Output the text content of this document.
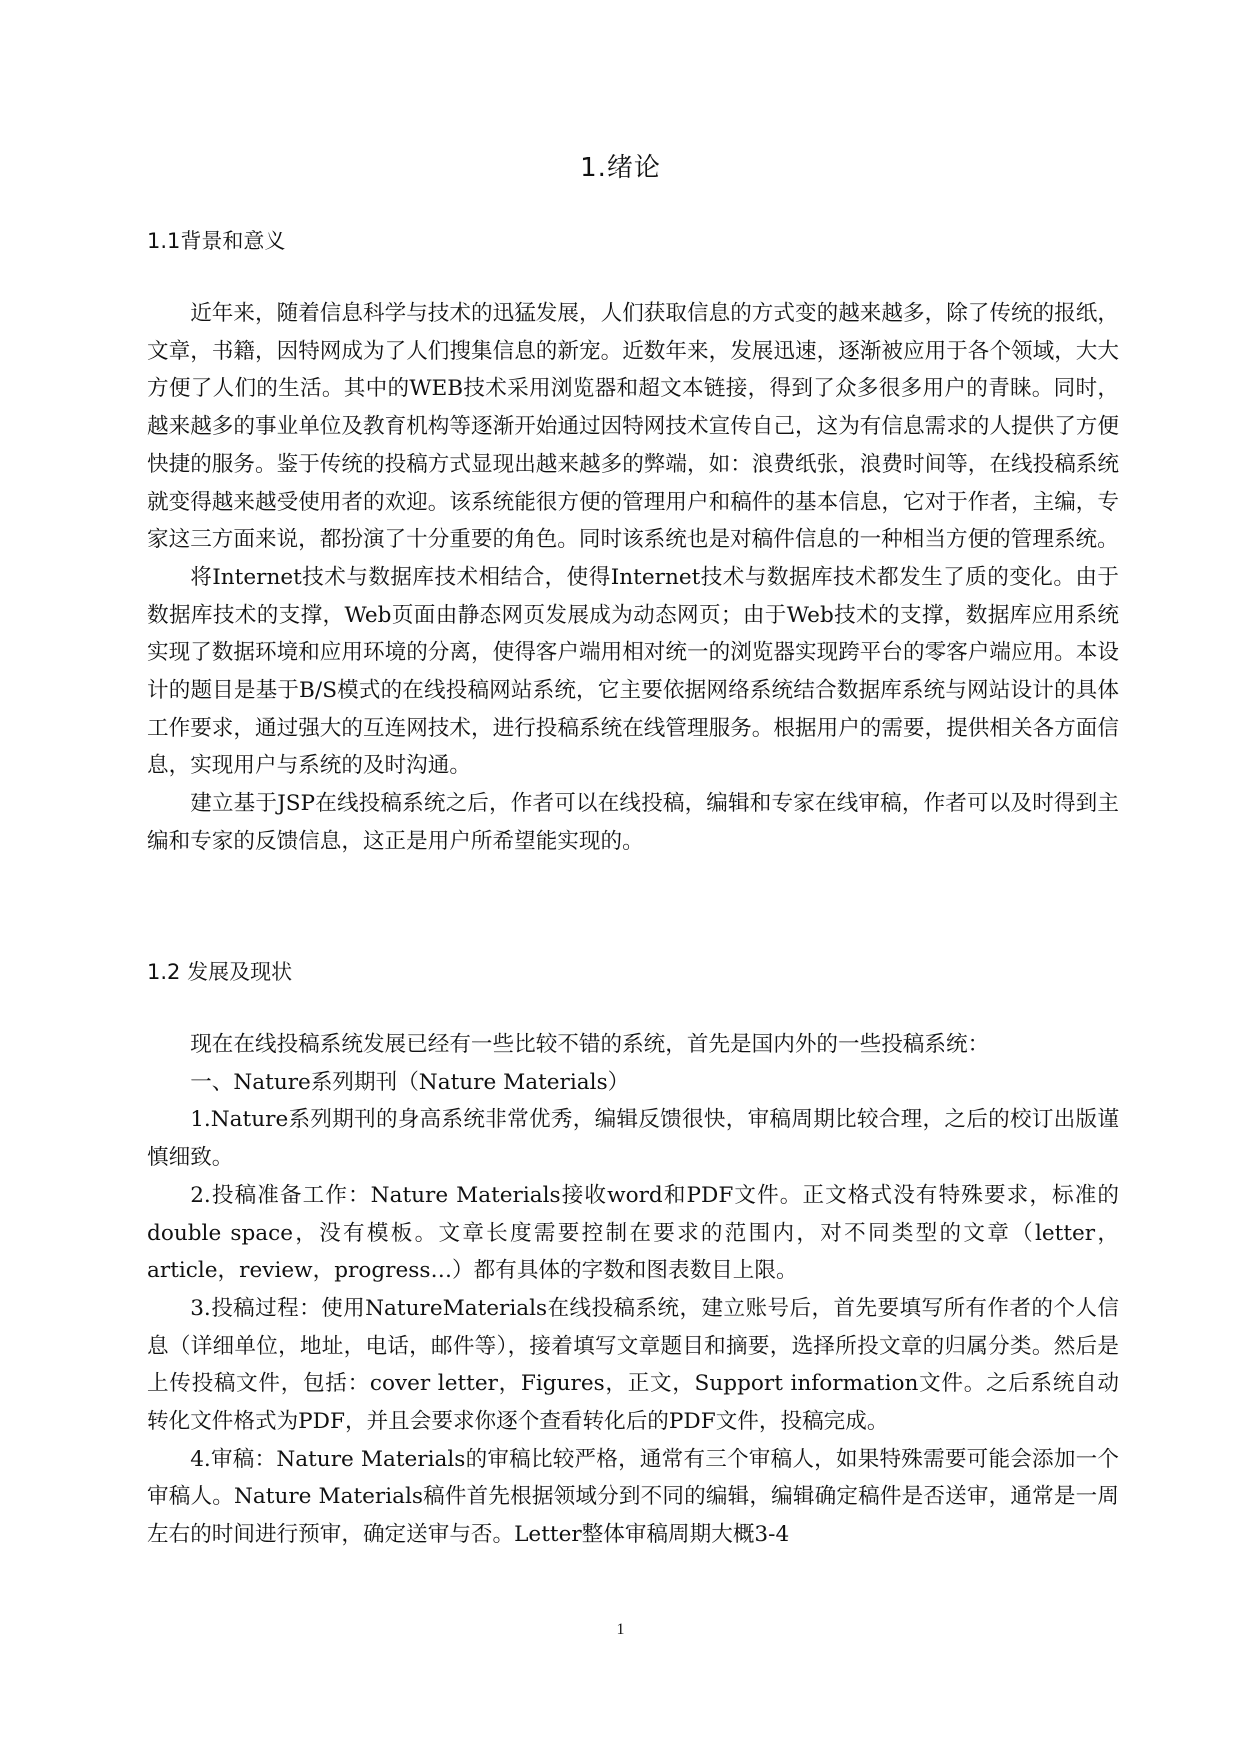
1.绪论
1.1背景和意义

近年来，随着信息科学与技术的迅猛发展，人们获取信息的方式变的越来越多，除了传统的报纸，文章，书籍，因特网成为了人们搜集信息的新宠。近数年来，发展迅速，逐渐被应用于各个领域，大大方便了人们的生活。其中的WEB技术采用浏览器和超文本链接，得到了众多很多用户的青睐。同时，越来越多的事业单位及教育机构等逐渐开始通过因特网技术宣传自己，这为有信息需求的人提供了方便快捷的服务。鉴于传统的投稿方式显现出越来越多的弊端，如：浪费纸张，浪费时间等，在线投稿系统就变得越来越受使用者的欢迎。该系统能很方便的管理用户和稿件的基本信息，它对于作者，主编，专家这三方面来说，都扮演了十分重要的角色。同时该系统也是对稿件信息的一种相当方便的管理系统。

将Internet技术与数据库技术相结合，使得Internet技术与数据库技术都发生了质的变化。由于数据库技术的支撑，Web页面由静态网页发展成为动态网页；由于Web技术的支撑，数据库应用系统实现了数据环境和应用环境的分离，使得客户端用相对统一的浏览器实现跨平台的零客户端应用。本设计的题目是基于B/S模式的在线投稿网站系统，它主要依据网络系统结合数据库系统与网站设计的具体工作要求，通过强大的互连网技术，进行投稿系统在线管理服务。根据用户的需要，提供相关各方面信息，实现用户与系统的及时沟通。

建立基于JSP在线投稿系统之后，作者可以在线投稿，编辑和专家在线审稿，作者可以及时得到主编和专家的反馈信息，这正是用户所希望能实现的。

1.2 发展及现状

现在在线投稿系统发展已经有一些比较不错的系统，首先是国内外的一些投稿系统：

一、Nature系列期刊（Nature Materials）

1.Nature系列期刊的身高系统非常优秀，编辑反馈很快，审稿周期比较合理，之后的校订出版谨慎细致。

2.投稿准备工作：Nature Materials接收word和PDF文件。正文格式没有特殊要求，标准的double space，没有模板。文章长度需要控制在要求的范围内，对不同类型的文章（letter，article，review，progress…）都有具体的字数和图表数目上限。

3.投稿过程：使用NatureMaterials在线投稿系统，建立账号后，首先要填写所有作者的个人信息（详细单位，地址，电话，邮件等），接着填写文章题目和摘要，选择所投文章的归属分类。然后是上传投稿文件，包括：cover letter，Figures，正文，Support information文件。之后系统自动转化文件格式为PDF，并且会要求你逐个查看转化后的PDF文件，投稿完成。

4.审稿：Nature Materials的审稿比较严格，通常有三个审稿人，如果特殊需要可能会添加一个审稿人。Nature Materials稿件首先根据领域分到不同的编辑，编辑确定稿件是否送审，通常是一周左右的时间进行预审，确定送审与否。Letter整体审稿周期大概3-4

1
